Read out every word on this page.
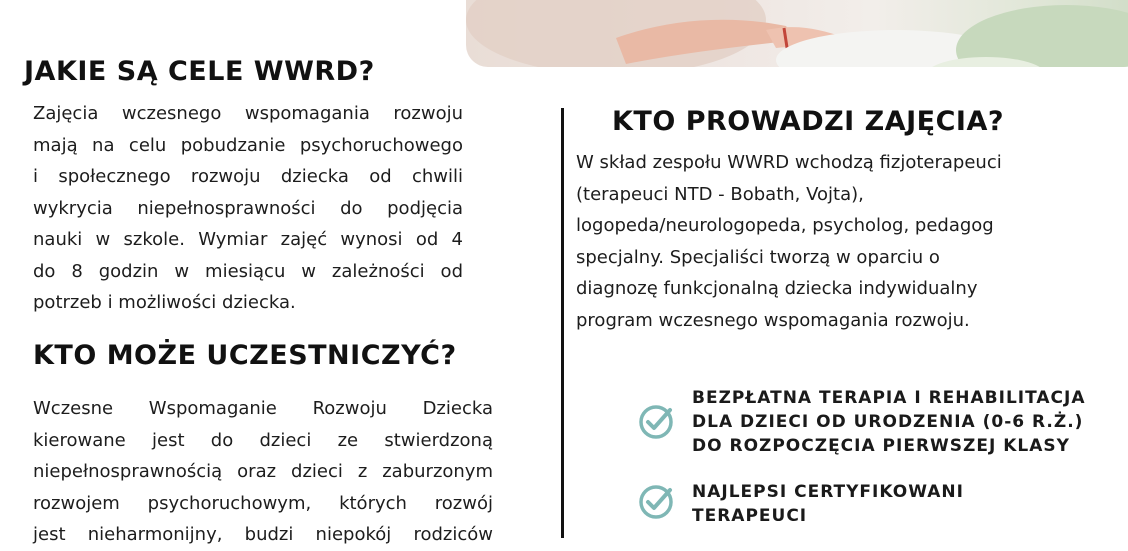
JAKIE SĄ CELE WWRD?

Zajęcia wczesnego wspomagania rozwoju
mają na celu pobudzanie psychoruchowego
i społecznego rozwoju dziecka od chwili
wykrycia niepełnosprawności do podjęcia
nauki w szkole. Wymiar zajęć wynosi od 4
do 8 godzin w miesiącu w zależności od
potrzeb i możliwości dziecka.

KTO MOŻE UCZESTNICZYĆ?

Wczesne Wspomaganie Rozwoju Dziecka
kierowane jest do dzieci ze stwierdzoną
niepełnosprawnością oraz dzieci z zaburzonym
rozwojem psychoruchowym, których rozwój
jest nieharmonijny, budzi niepokój rodziców

KTO PROWADZI ZAJĘCIA?

W skład zespołu WWRD wchodzą fizjoterapeuci
(terapeuci NTD - Bobath, Vojta),
logopeda/neurologopeda, psycholog, pedagog
specjalny. Specjaliści tworzą w oparciu o
diagnozę funkcjonalną dziecka indywidualny
program wczesnego wspomagania rozwoju.

BEZPŁATNA TERAPIA I REHABILITACJA
DLA DZIECI OD URODZENIA (0-6 R.Ż.)
DO ROZPOCZĘCIA PIERWSZEJ KLASY

NAJLEPSI CERTYFIKOWANI
TERAPEUCI
